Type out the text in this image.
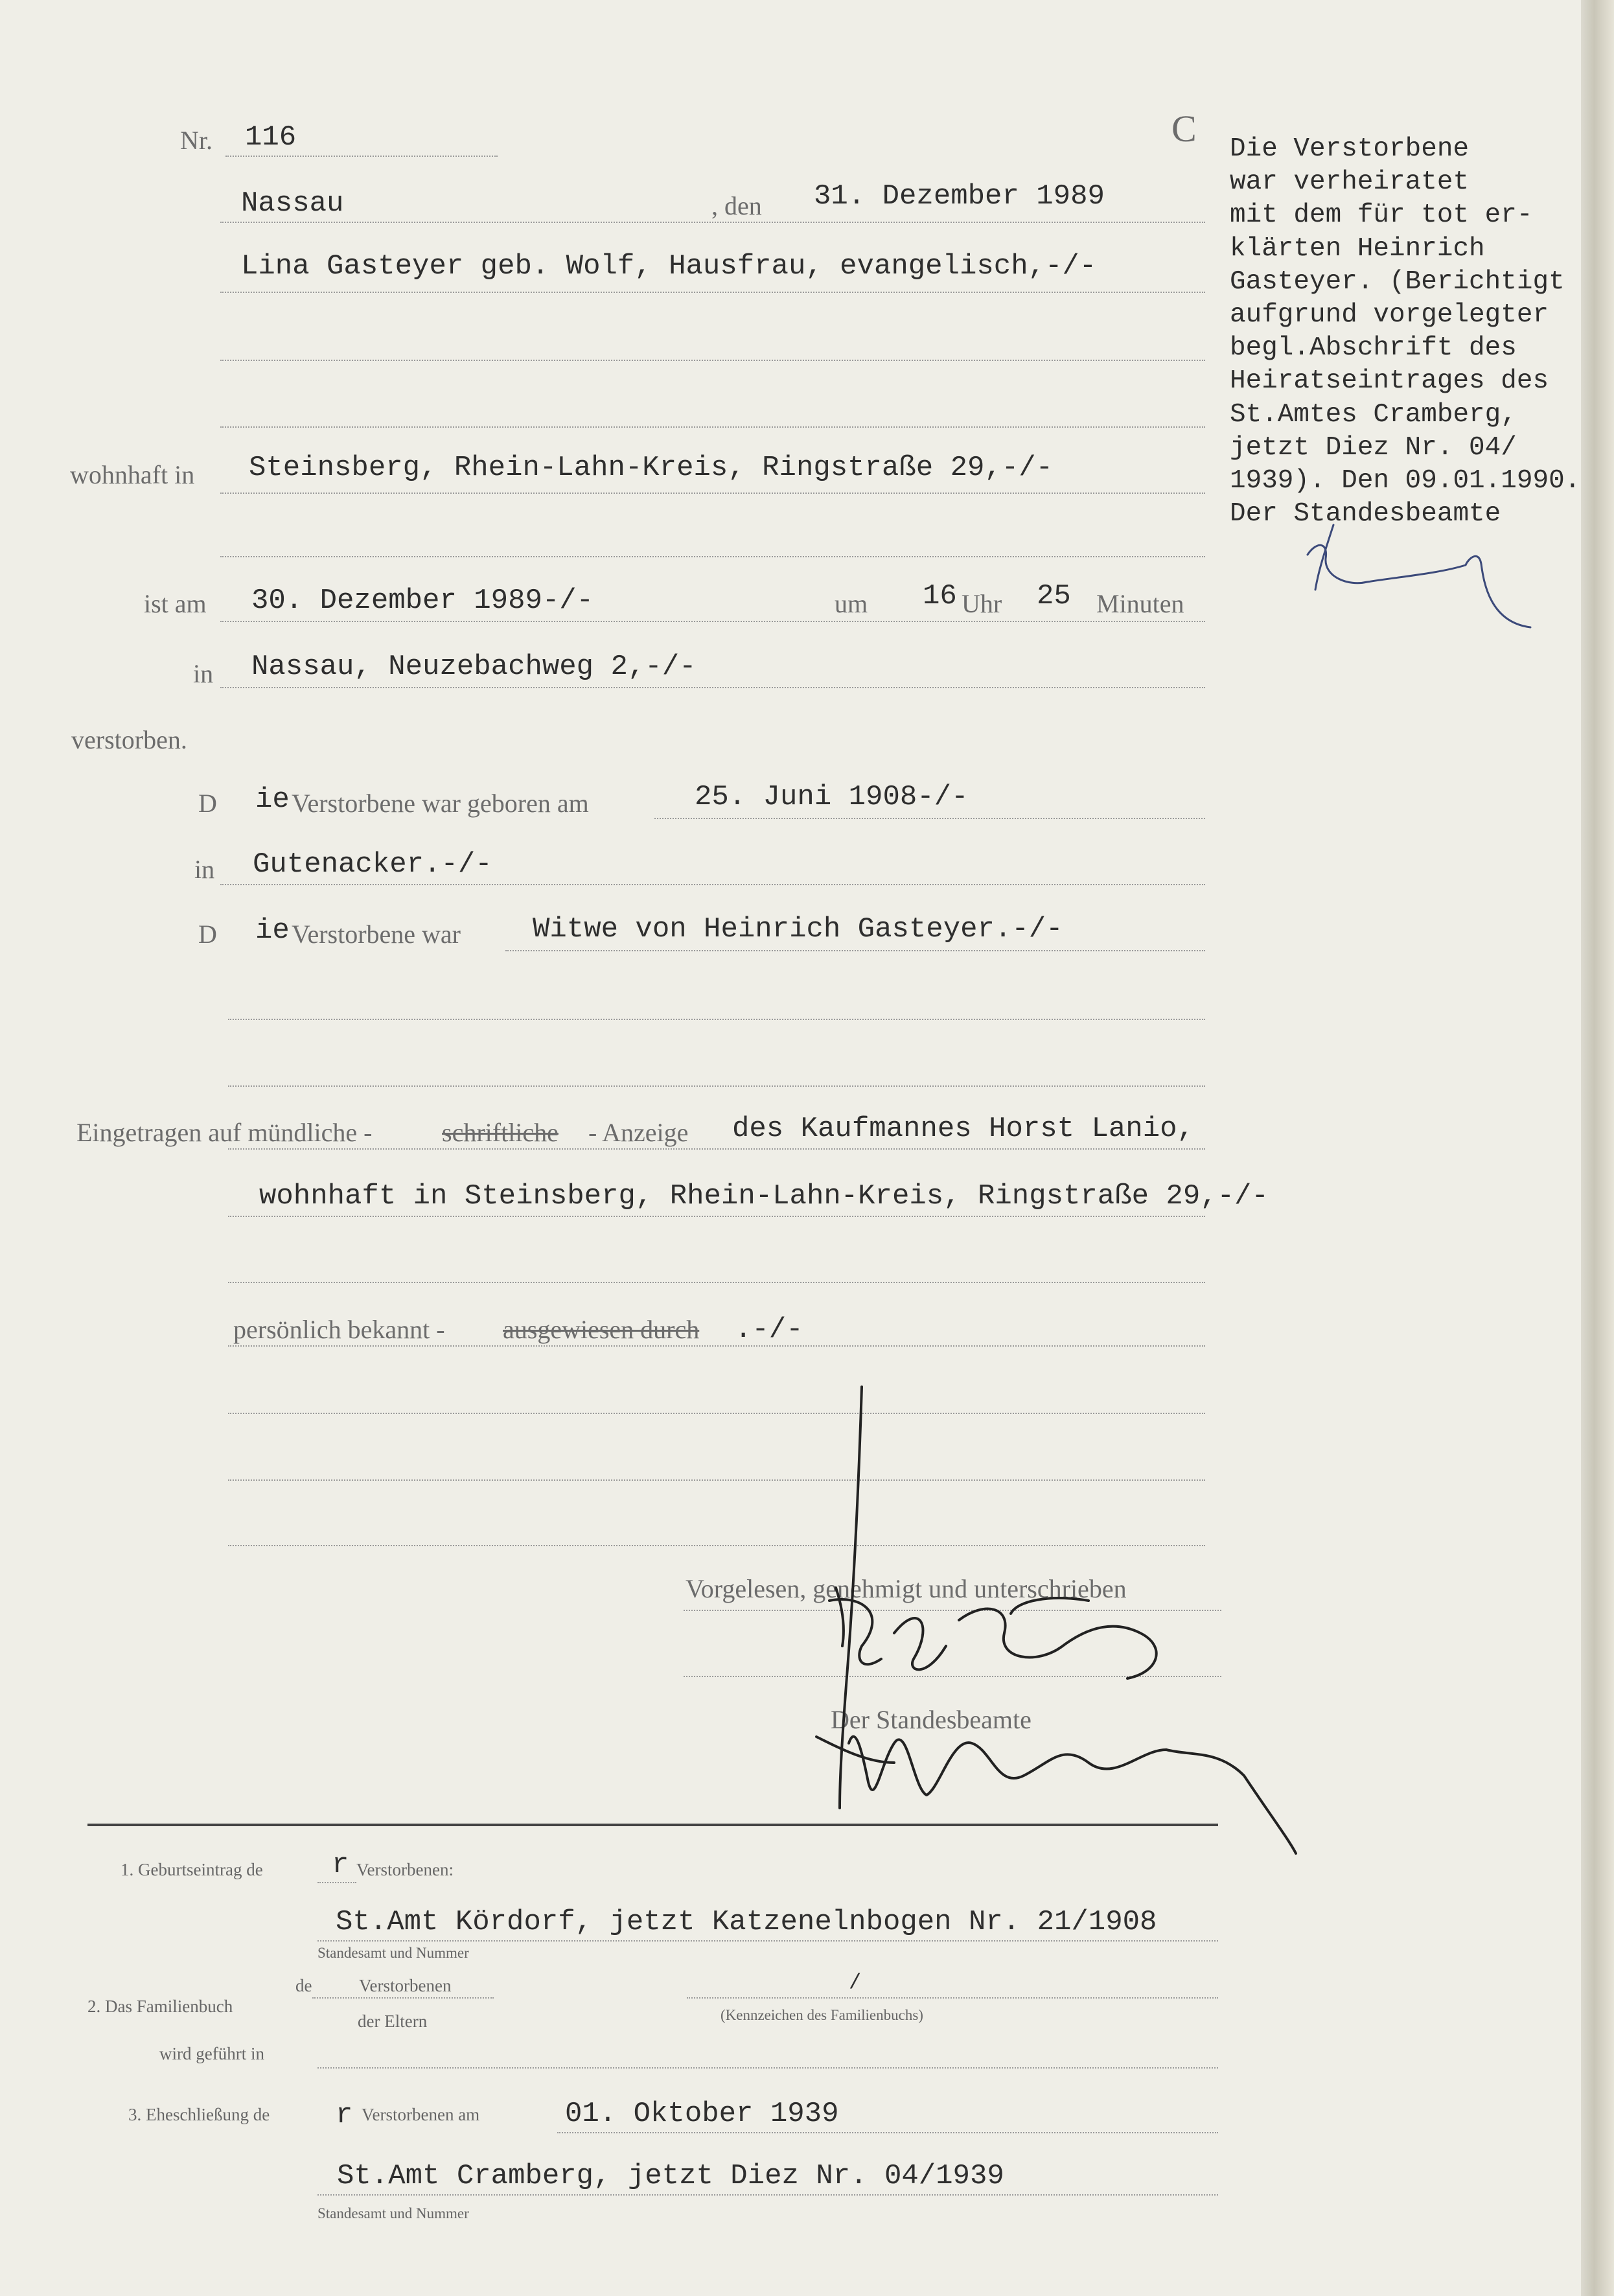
Nr. 116	C
Nassau	, den 31. Dezember 1989
Lina Gasteyer geb. Wolf, Hausfrau, evangelisch,-/-
wohnhaft in Steinsberg, Rhein-Lahn-Kreis, Ringstraße 29,-/-
ist am 30. Dezember 1989-/-	um 16 Uhr 25 Minuten
in Nassau, Neuzebachweg 2,-/-
verstorben.
D ie Verstorbene war geboren am	25. Juni 1908-/-
in Gutenacker.-/-
D ie Verstorbene war	Witwe von Heinrich Gasteyer.-/-
Eingetragen auf mündliche -	schriftliche - Anzeige des Kaufmannes Horst Lanio,
wohnhaft in Steinsberg, Rhein-Lahn-Kreis, Ringstraße 29,-/-
persönlich bekannt - ausgewiesen durch .-/-
Vorgelesen, genehmigt und unterschrieben
Der Standesbeamte
1. Geburtseintrag de r Verstorbenen:
St.Amt Kördorf, jetzt Katzenelnbogen Nr. 21/1908
Standesamt und Nummer
2. Das Familienbuch
de	Verstorbenen	/
der Eltern	(Kennzeichen des Familienbuchs)
wird geführt in
3. Eheschließung de r Verstorbenen am	01. Oktober 1939
St.Amt Cramberg, jetzt Diez Nr. 04/1939
Standesamt und Nummer
Die Verstorbene
war verheiratet
mit dem für tot er-
klärten Heinrich
Gasteyer. (Berichtigt
aufgrund vorgelegter
begl.Abschrift des
Heiratseintrages des
St.Amtes Cramberg,
jetzt Diez Nr. 04/
1939). Den 09.01.1990.
Der Standesbeamte
